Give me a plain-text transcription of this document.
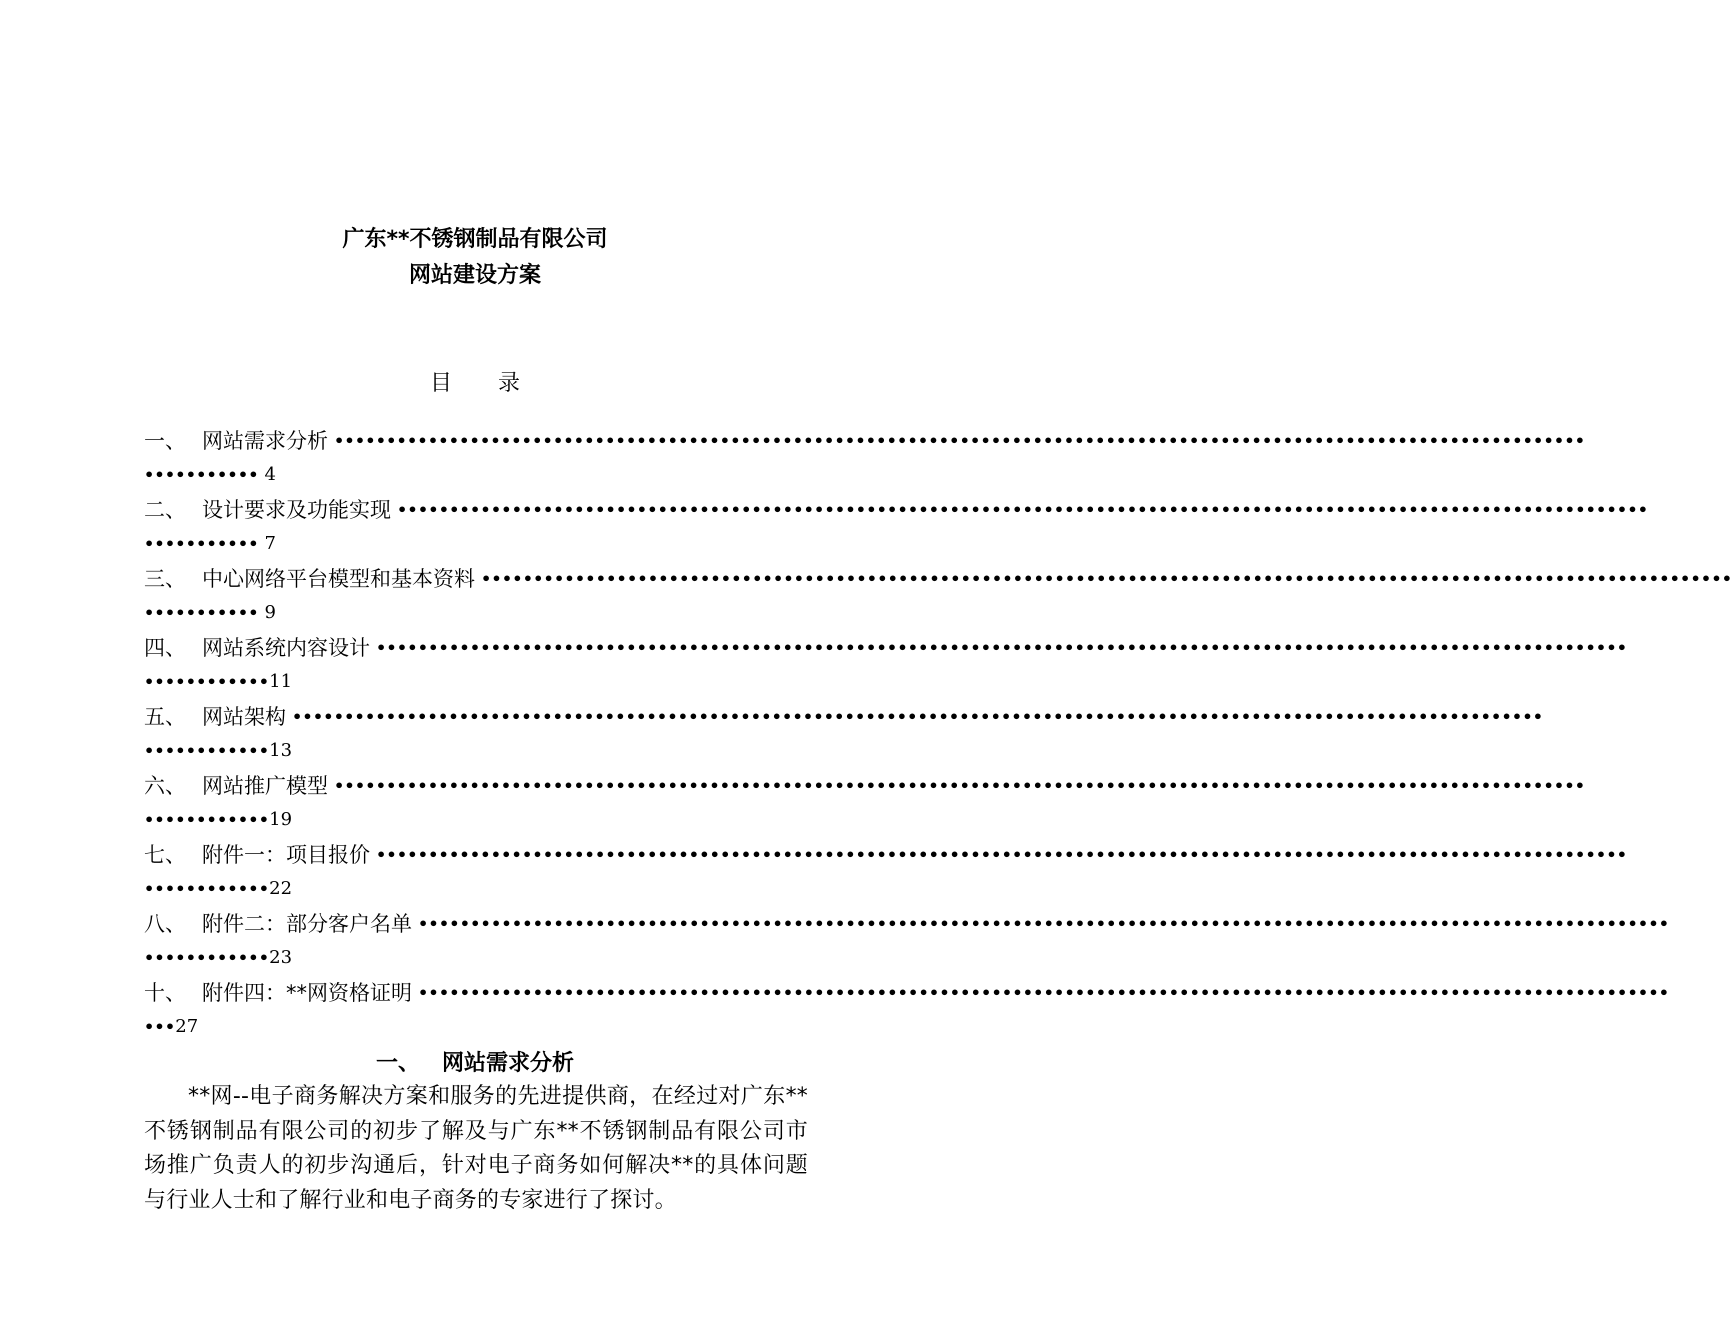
广东**不锈钢制品有限公司
网站建设方案
目 录
一、 网站需求分析 ••••••••••••••••••••••••••••••••••••••••••••••••••••••••••••••••••••••••••••••••••••••••••••••••••••••••••••••••••••••••
••••••••••• 4
二、 设计要求及功能实现 ••••••••••••••••••••••••••••••••••••••••••••••••••••••••••••••••••••••••••••••••••••••••••••••••••••••••••••••••••••••••
••••••••••• 7
三、 中心网络平台模型和基本资料 ••••••••••••••••••••••••••••••••••••••••••••••••••••••••••••••••••••••••••••••••••••••••••••••••••••••••••••••••••••••••
••••••••••• 9
四、 网站系统内容设计 ••••••••••••••••••••••••••••••••••••••••••••••••••••••••••••••••••••••••••••••••••••••••••••••••••••••••••••••••••••••••
••••••••••••11
五、 网站架构 ••••••••••••••••••••••••••••••••••••••••••••••••••••••••••••••••••••••••••••••••••••••••••••••••••••••••••••••••••••••••
••••••••••••13
六、 网站推广模型 ••••••••••••••••••••••••••••••••••••••••••••••••••••••••••••••••••••••••••••••••••••••••••••••••••••••••••••••••••••••••
••••••••••••19
七、 附件一：项目报价 ••••••••••••••••••••••••••••••••••••••••••••••••••••••••••••••••••••••••••••••••••••••••••••••••••••••••••••••••••••••••
••••••••••••22
八、 附件二：部分客户名单 ••••••••••••••••••••••••••••••••••••••••••••••••••••••••••••••••••••••••••••••••••••••••••••••••••••••••••••••••••••••••
••••••••••••23
十、 附件四：**网资格证明 ••••••••••••••••••••••••••••••••••••••••••••••••••••••••••••••••••••••••••••••••••••••••••••••••••••••••••••••••••••••••
•••27
一、 网站需求分析
**网--电子商务解决方案和服务的先进提供商，在经过对广东**不锈钢制品有限公司的初步了解及与广东**不锈钢制品有限公司市场推广负责人的初步沟通后，针对电子商务如何解决**的具体问题与行业人士和了解行业和电子商务的专家进行了探讨。
